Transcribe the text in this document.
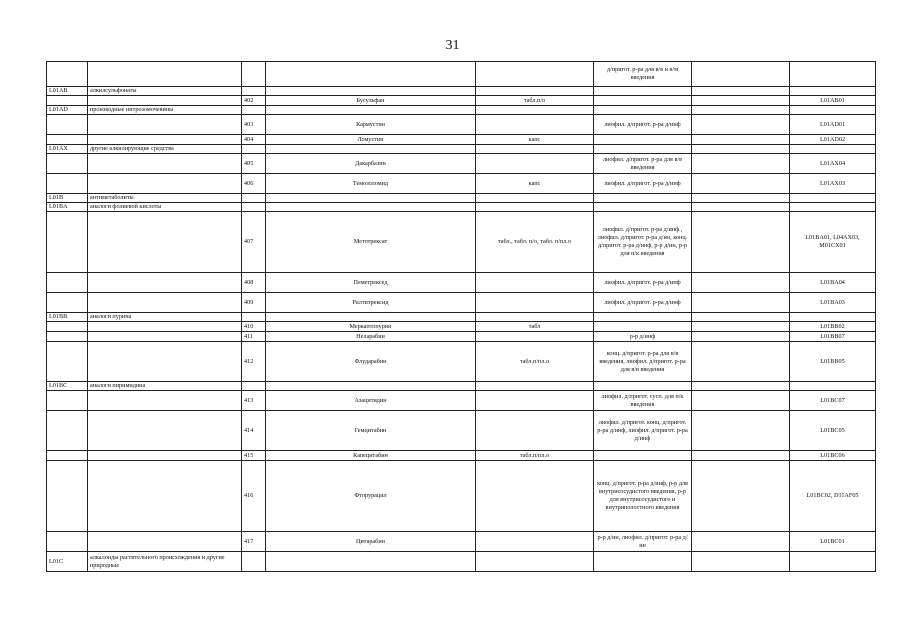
31
					д/пригот. р-ра для в/в и в/м введения		
L01AB	алкилсульфонаты						
		402	Бусульфан	табл.п/о			L01AB01
L01AD	производные нитрозомочевины						
		403	Кармустин		лиофил. д/пригот. р-ра д/инф		L01AD01
		404	Ломустин	капс			L01AD02
L01AX	другие алкилирующие средства						
		405	Дакарбазин		лиофил. д/пригот. р-ра для в/в введения		L01AX04
		406	Темозоломид	капс	лиофил. д/пригот. р-ра д/инф		L01AX03
L01B	антиметаболиты						
L01BA	аналоги фолиевой кислоты						
		407	Метотрексат	табл., табл. п/о, табл. п/пл.о	лиофил. д/пригот. р-ра д/инф., лиофил. д/пригот. р-ра д/ин, конц. д/пригот. р-ра д/инф, р-р д/ин, р-р для п/к введения		L01BA01, L04AX03, M01CX01
		408	Пеметрексед		лиофил. д/пригот. р-ра д/инф		L01BA04
		409	Ралтитрексид		лиофил. д/пригот. р-ра д/инф		L01BA03
L01BB	аналоги пурина						
		410	Меркаптопурин	табл			L01BB02
		411	Неларабин		р-р д/инф		L01BB07
		412	Флударабин	табл.п/пл.о	конц. д/пригот. р-ра для в/в введения, лиофил. д/пригот. р-ра для в/в введения		L01BB05
L01BC	аналоги пиримидина						
		413	Азацитидин		лиофил. д/пригот. сусп. для п/к введения		L01BC07
		414	Гемцитабин		лиофил. д/пригот. конц. д/пригот. р-ра д/инф, лиофил. д/пригот. р-ра д/инф		L01BC05
		415	Капецитабин	табл.п/пл.о			L01BC06
		416	Фторурацил		конц. д/пригот. р-ра д/инф, р-р для внутрисосудистого введения, р-р для внутрисосудистого и внутриполостного введения		L01BC02, D11AF05
		417	Цитарабин		р-р д/ин, лиофил. д/пригот. р-ра д/ин		L01BC01
L01C	алкалоиды растительного происхождения и другие природные						
